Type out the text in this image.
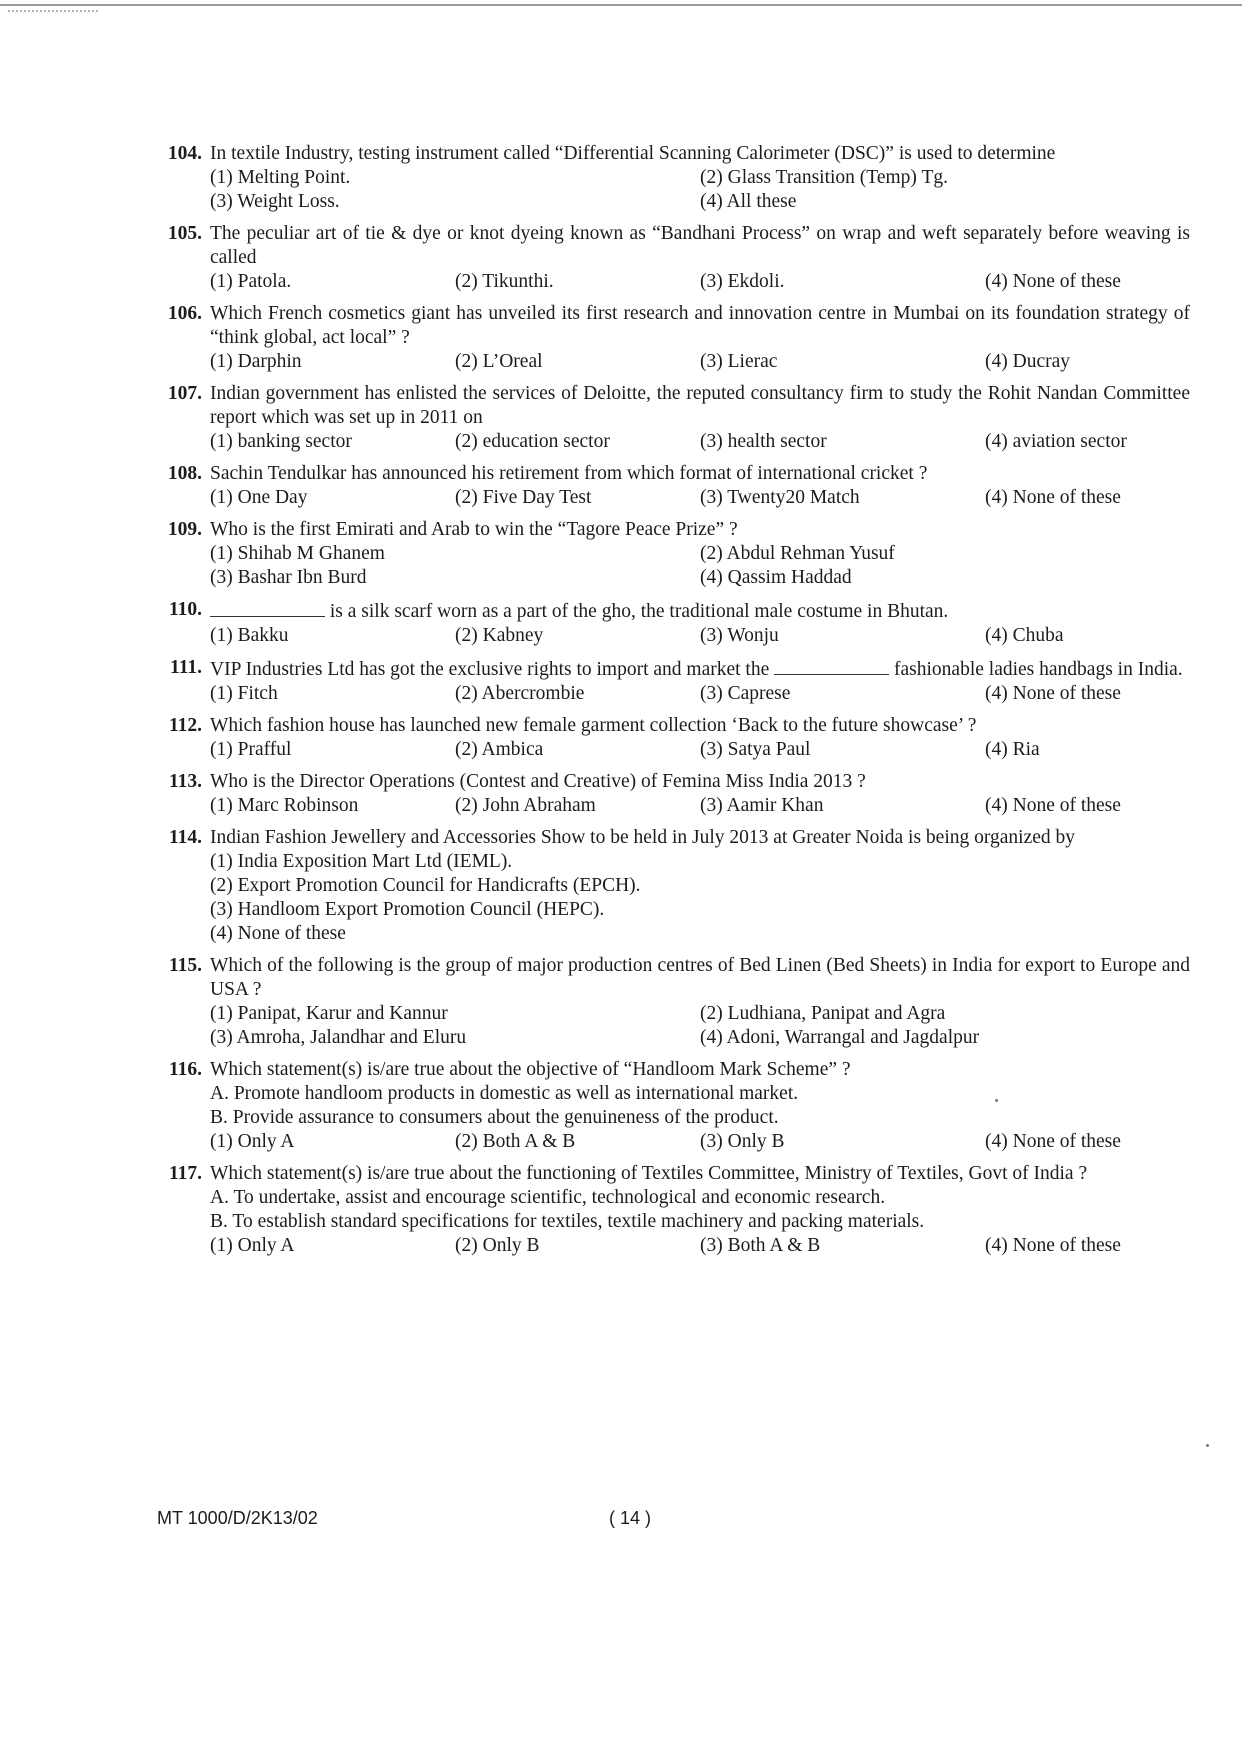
104. In textile Industry, testing instrument called “Differential Scanning Calorimeter (DSC)” is used to determine
(1) Melting Point.	(2) Glass Transition (Temp) Tg.
(3) Weight Loss.	(4) All these
105. The peculiar art of tie & dye or knot dyeing known as “Bandhani Process” on wrap and weft separately before weaving is called
(1) Patola.	(2) Tikunthi.	(3) Ekdoli.	(4) None of these
106. Which French cosmetics giant has unveiled its first research and innovation centre in Mumbai on its foundation strategy of “think global, act local” ?
(1) Darphin	(2) L’Oreal	(3) Lierac	(4) Ducray
107. Indian government has enlisted the services of Deloitte, the reputed consultancy firm to study the Rohit Nandan Committee report which was set up in 2011 on
(1) banking sector	(2) education sector	(3) health sector	(4) aviation sector
108. Sachin Tendulkar has announced his retirement from which format of international cricket ?
(1) One Day	(2) Five Day Test	(3) Twenty20 Match	(4) None of these
109. Who is the first Emirati and Arab to win the “Tagore Peace Prize” ?
(1) Shihab M Ghanem	(2) Abdul Rehman Yusuf
(3) Bashar Ibn Burd	(4) Qassim Haddad
110.	is a silk scarf worn as a part of the gho, the traditional male costume in Bhutan.
(1) Bakku	(2) Kabney	(3) Wonju	(4) Chuba
111. VIP Industries Ltd has got the exclusive rights to import and market the	fashionable ladies handbags in India.
(1) Fitch	(2) Abercrombie	(3) Caprese	(4) None of these
112. Which fashion house has launched new female garment collection ‘Back to the future showcase’ ?
(1) Prafful	(2) Ambica	(3) Satya Paul	(4) Ria
113. Who is the Director Operations (Contest and Creative) of Femina Miss India 2013 ?
(1) Marc Robinson	(2) John Abraham	(3) Aamir Khan	(4) None of these
114. Indian Fashion Jewellery and Accessories Show to be held in July 2013 at Greater Noida is being organized by
(1) India Exposition Mart Ltd (IEML).
(2) Export Promotion Council for Handicrafts (EPCH).
(3) Handloom Export Promotion Council (HEPC).
(4) None of these
115. Which of the following is the group of major production centres of Bed Linen (Bed Sheets) in India for export to Europe and USA ?
(1) Panipat, Karur and Kannur	(2) Ludhiana, Panipat and Agra
(3) Amroha, Jalandhar and Eluru	(4) Adoni, Warrangal and Jagdalpur
116. Which statement(s) is/are true about the objective of “Handloom Mark Scheme” ?
A. Promote handloom products in domestic as well as international market.
B. Provide assurance to consumers about the genuineness of the product.
(1) Only A	(2) Both A & B	(3) Only B	(4) None of these
117. Which statement(s) is/are true about the functioning of Textiles Committee, Ministry of Textiles, Govt of India ?
A. To undertake, assist and encourage scientific, technological and economic research.
B. To establish standard specifications for textiles, textile machinery and packing materials.
(1) Only A	(2) Only B	(3) Both A & B	(4) None of these
MT 1000/D/2K13/02	( 14 )
